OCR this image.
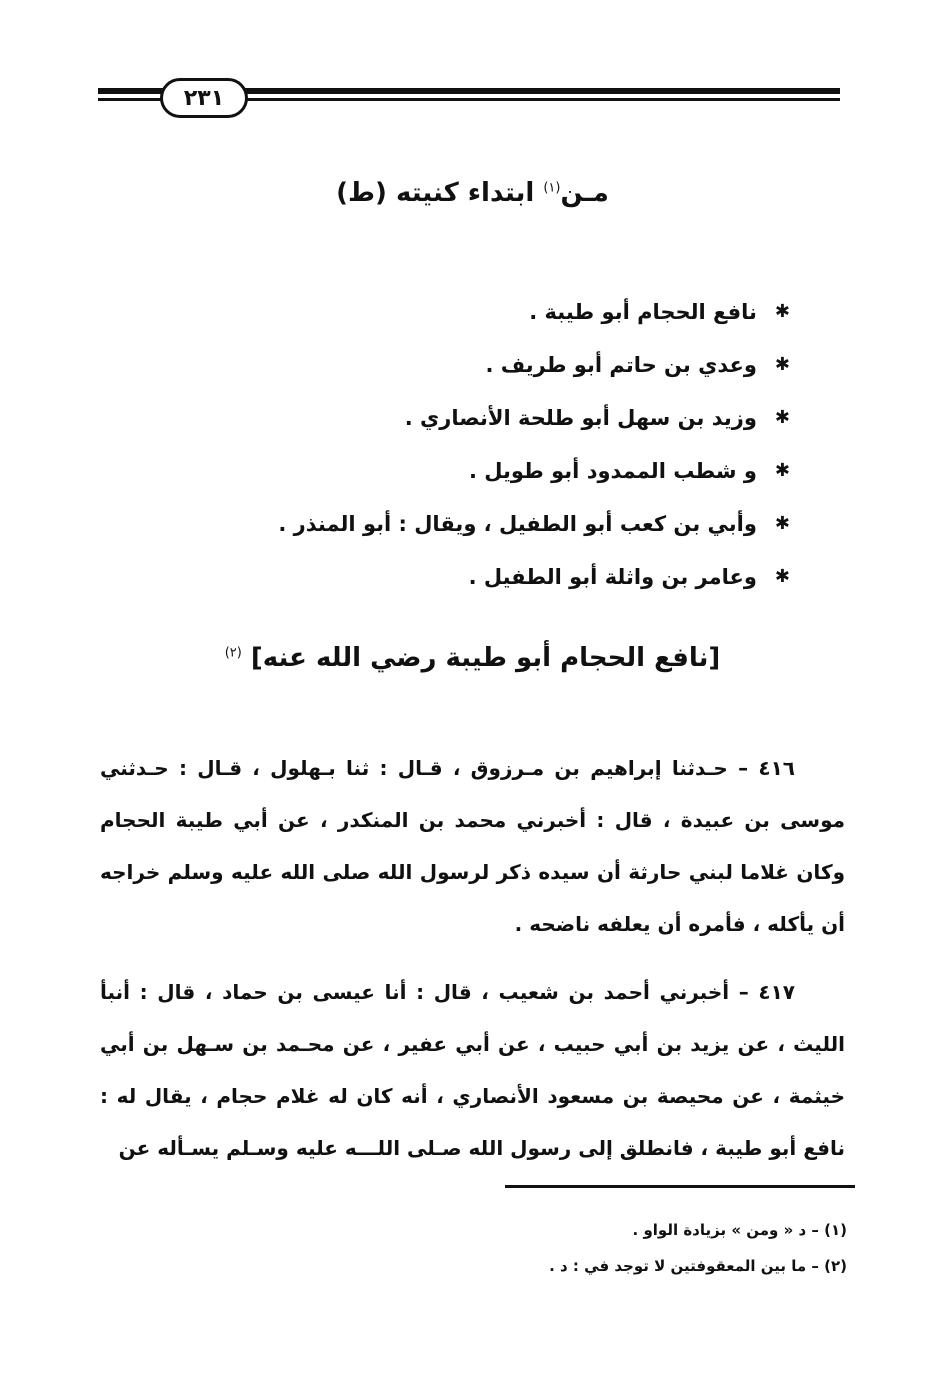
٢٣١
مـن$^{(١)}$ ابتداء كنيته (ط)
✱
نافع الحجام أبو طيبة .
✱
وعدي بن حاتم أبو طريف .
✱
وزيد بن سهل أبو طلحة الأنصاري .
✱
و شطب الممدود أبو طويل .
✱
وأبي بن كعب أبو الطفيل ، ويقال : أبو المنذر .
✱
وعامر بن واثلة أبو الطفيل .
[نافع الحجام أبو طيبة رضي الله عنه] $^{(٢)}$

٤١٦ – حـدثنا إبراهيم بن مـرزوق ، قـال : ثنا بـهلول ، قـال : حـدثني موسى بن عبيدة ، قال : أخبرني محمد بن المنكدر ، عن أبي طيبة الحجام وكان غلاما لبني حارثة أن سيده ذكر لرسول الله صلى الله عليه وسلم خراجه أن يأكله ، فأمره أن يعلفه ناضحه .

٤١٧ – أخبرني أحمد بن شعيب ، قال : أنا عيسى بن حماد ، قال : أنبأ الليث ، عن يزيد بن أبي حبيب ، عن أبي عفير ، عن محـمد بن سـهل بن أبي خيثمة ، عن محيصة بن مسعود الأنصاري ، أنه كان له غلام حجام ، يقال له : نافع أبو طيبة ، فانطلق إلى رسول الله صـلى اللـــه عليه وسـلم يسـأله عن

(١) – د « ومن » بزيادة الواو .
(٢) – ما بين المعقوفتين لا توجد في : د .
